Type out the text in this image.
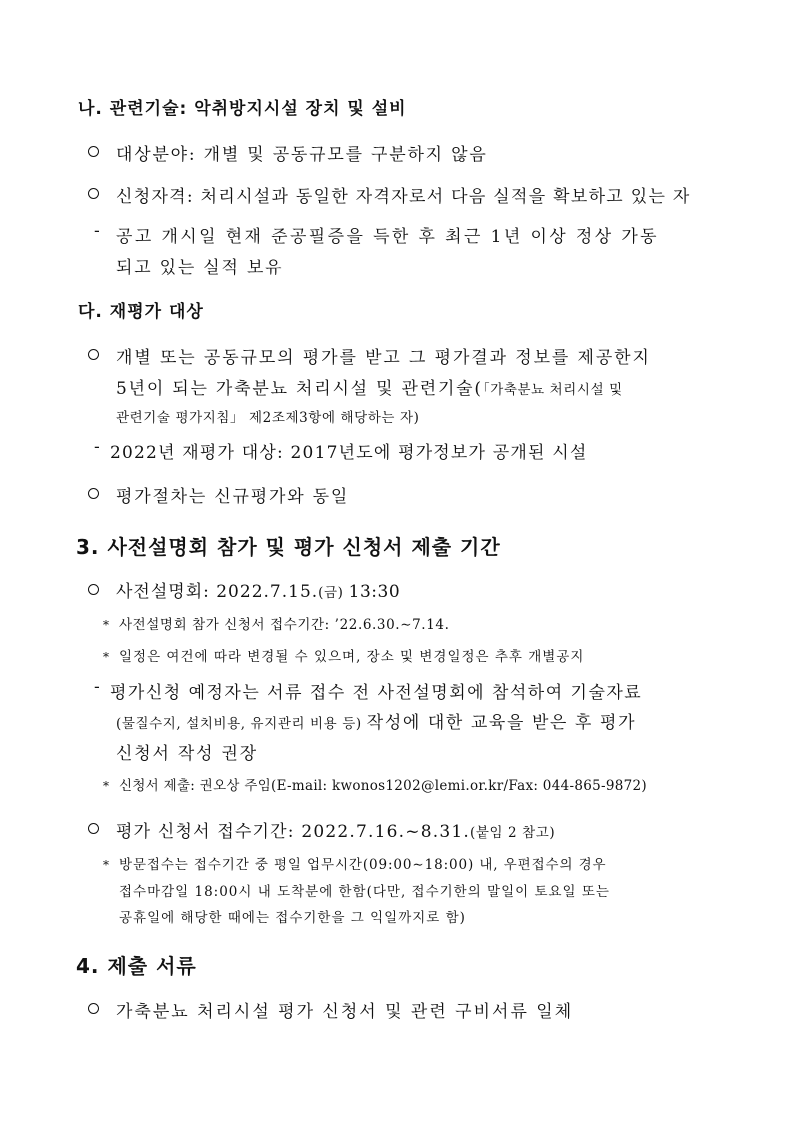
나. 관련기술: 악취방지시설 장치 및 설비
대상분야: 개별 및 공동규모를 구분하지 않음
신청자격: 처리시설과 동일한 자격자로서 다음 실적을 확보하고 있는 자
- 공고 개시일 현재 준공필증을 득한 후 최근 1년 이상 정상 가동
되고 있는 실적 보유
다. 재평가 대상
개별 또는 공동규모의 평가를 받고 그 평가결과 정보를 제공한지
5년이 되는 가축분뇨 처리시설 및 관련기술(「가축분뇨 처리시설 및
관련기술 평가지침」 제2조제3항에 해당하는 자)
- 2022년 재평가 대상: 2017년도에 평가정보가 공개된 시설
평가절차는 신규평가와 동일
3. 사전설명회 참가 및 평가 신청서 제출 기간
사전설명회: 2022.7.15.(금) 13:30
* 사전설명회 참가 신청서 접수기간: ’22.6.30.∼7.14.
* 일정은 여건에 따라 변경될 수 있으며, 장소 및 변경일정은 추후 개별공지
- 평가신청 예정자는 서류 접수 전 사전설명회에 참석하여 기술자료
(물질수지, 설치비용, 유지관리 비용 등) 작성에 대한 교육을 받은 후 평가
신청서 작성 권장
* 신청서 제출: 권오상 주임(E-mail: kwonos1202@lemi.or.kr/Fax: 044-865-9872)
평가 신청서 접수기간: 2022.7.16.~8.31.(붙임 2 참고)
* 방문접수는 접수기간 중 평일 업무시간(09:00∼18:00) 내, 우편접수의 경우
접수마감일 18:00시 내 도착분에 한함(다만, 접수기한의 말일이 토요일 또는
공휴일에 해당한 때에는 접수기한을 그 익일까지로 함)
4. 제출 서류
가축분뇨 처리시설 평가 신청서 및 관련 구비서류 일체
